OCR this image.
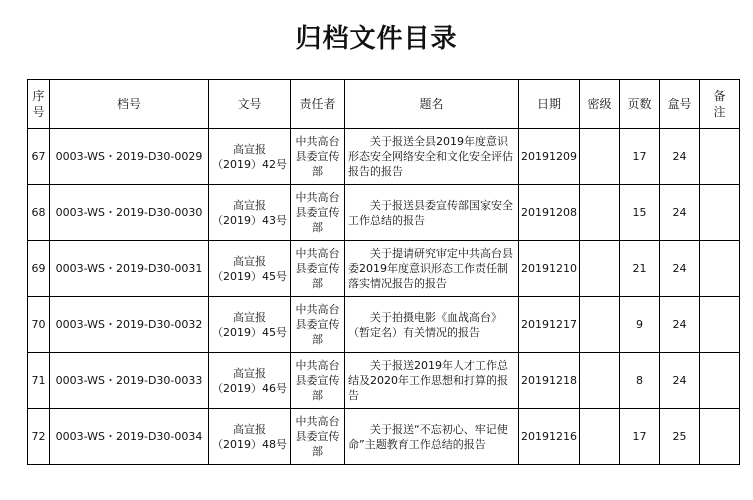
归档文件目录
序号	档号	文号	责任者	题名	日期	密级	页数	盒号	备注

67	0003-WS・2019-D30-0029	高宣报（2019）42号	中共高台县委宣传部	关于报送全县2019年度意识形态安全网络安全和文化安全评估报告的报告	20191209		17	24	
68	0003-WS・2019-D30-0030	高宣报（2019）43号	中共高台县委宣传部	关于报送县委宣传部国家安全工作总结的报告	20191208		15	24	
69	0003-WS・2019-D30-0031	高宣报（2019）45号	中共高台县委宣传部	关于提请研究审定中共高台县委2019年度意识形态工作责任制落实情况报告的报告	20191210		21	24	
70	0003-WS・2019-D30-0032	高宣报（2019）45号	中共高台县委宣传部	关于拍摄电影《血战高台》（暂定名）有关情况的报告	20191217		9	24	
71	0003-WS・2019-D30-0033	高宣报（2019）46号	中共高台县委宣传部	关于报送2019年人才工作总结及2020年工作思想和打算的报告	20191218		8	24	
72	0003-WS・2019-D30-0034	高宣报（2019）48号	中共高台县委宣传部	关于报送“不忘初心、牢记使命”主题教育工作总结的报告	20191216		17	25	
